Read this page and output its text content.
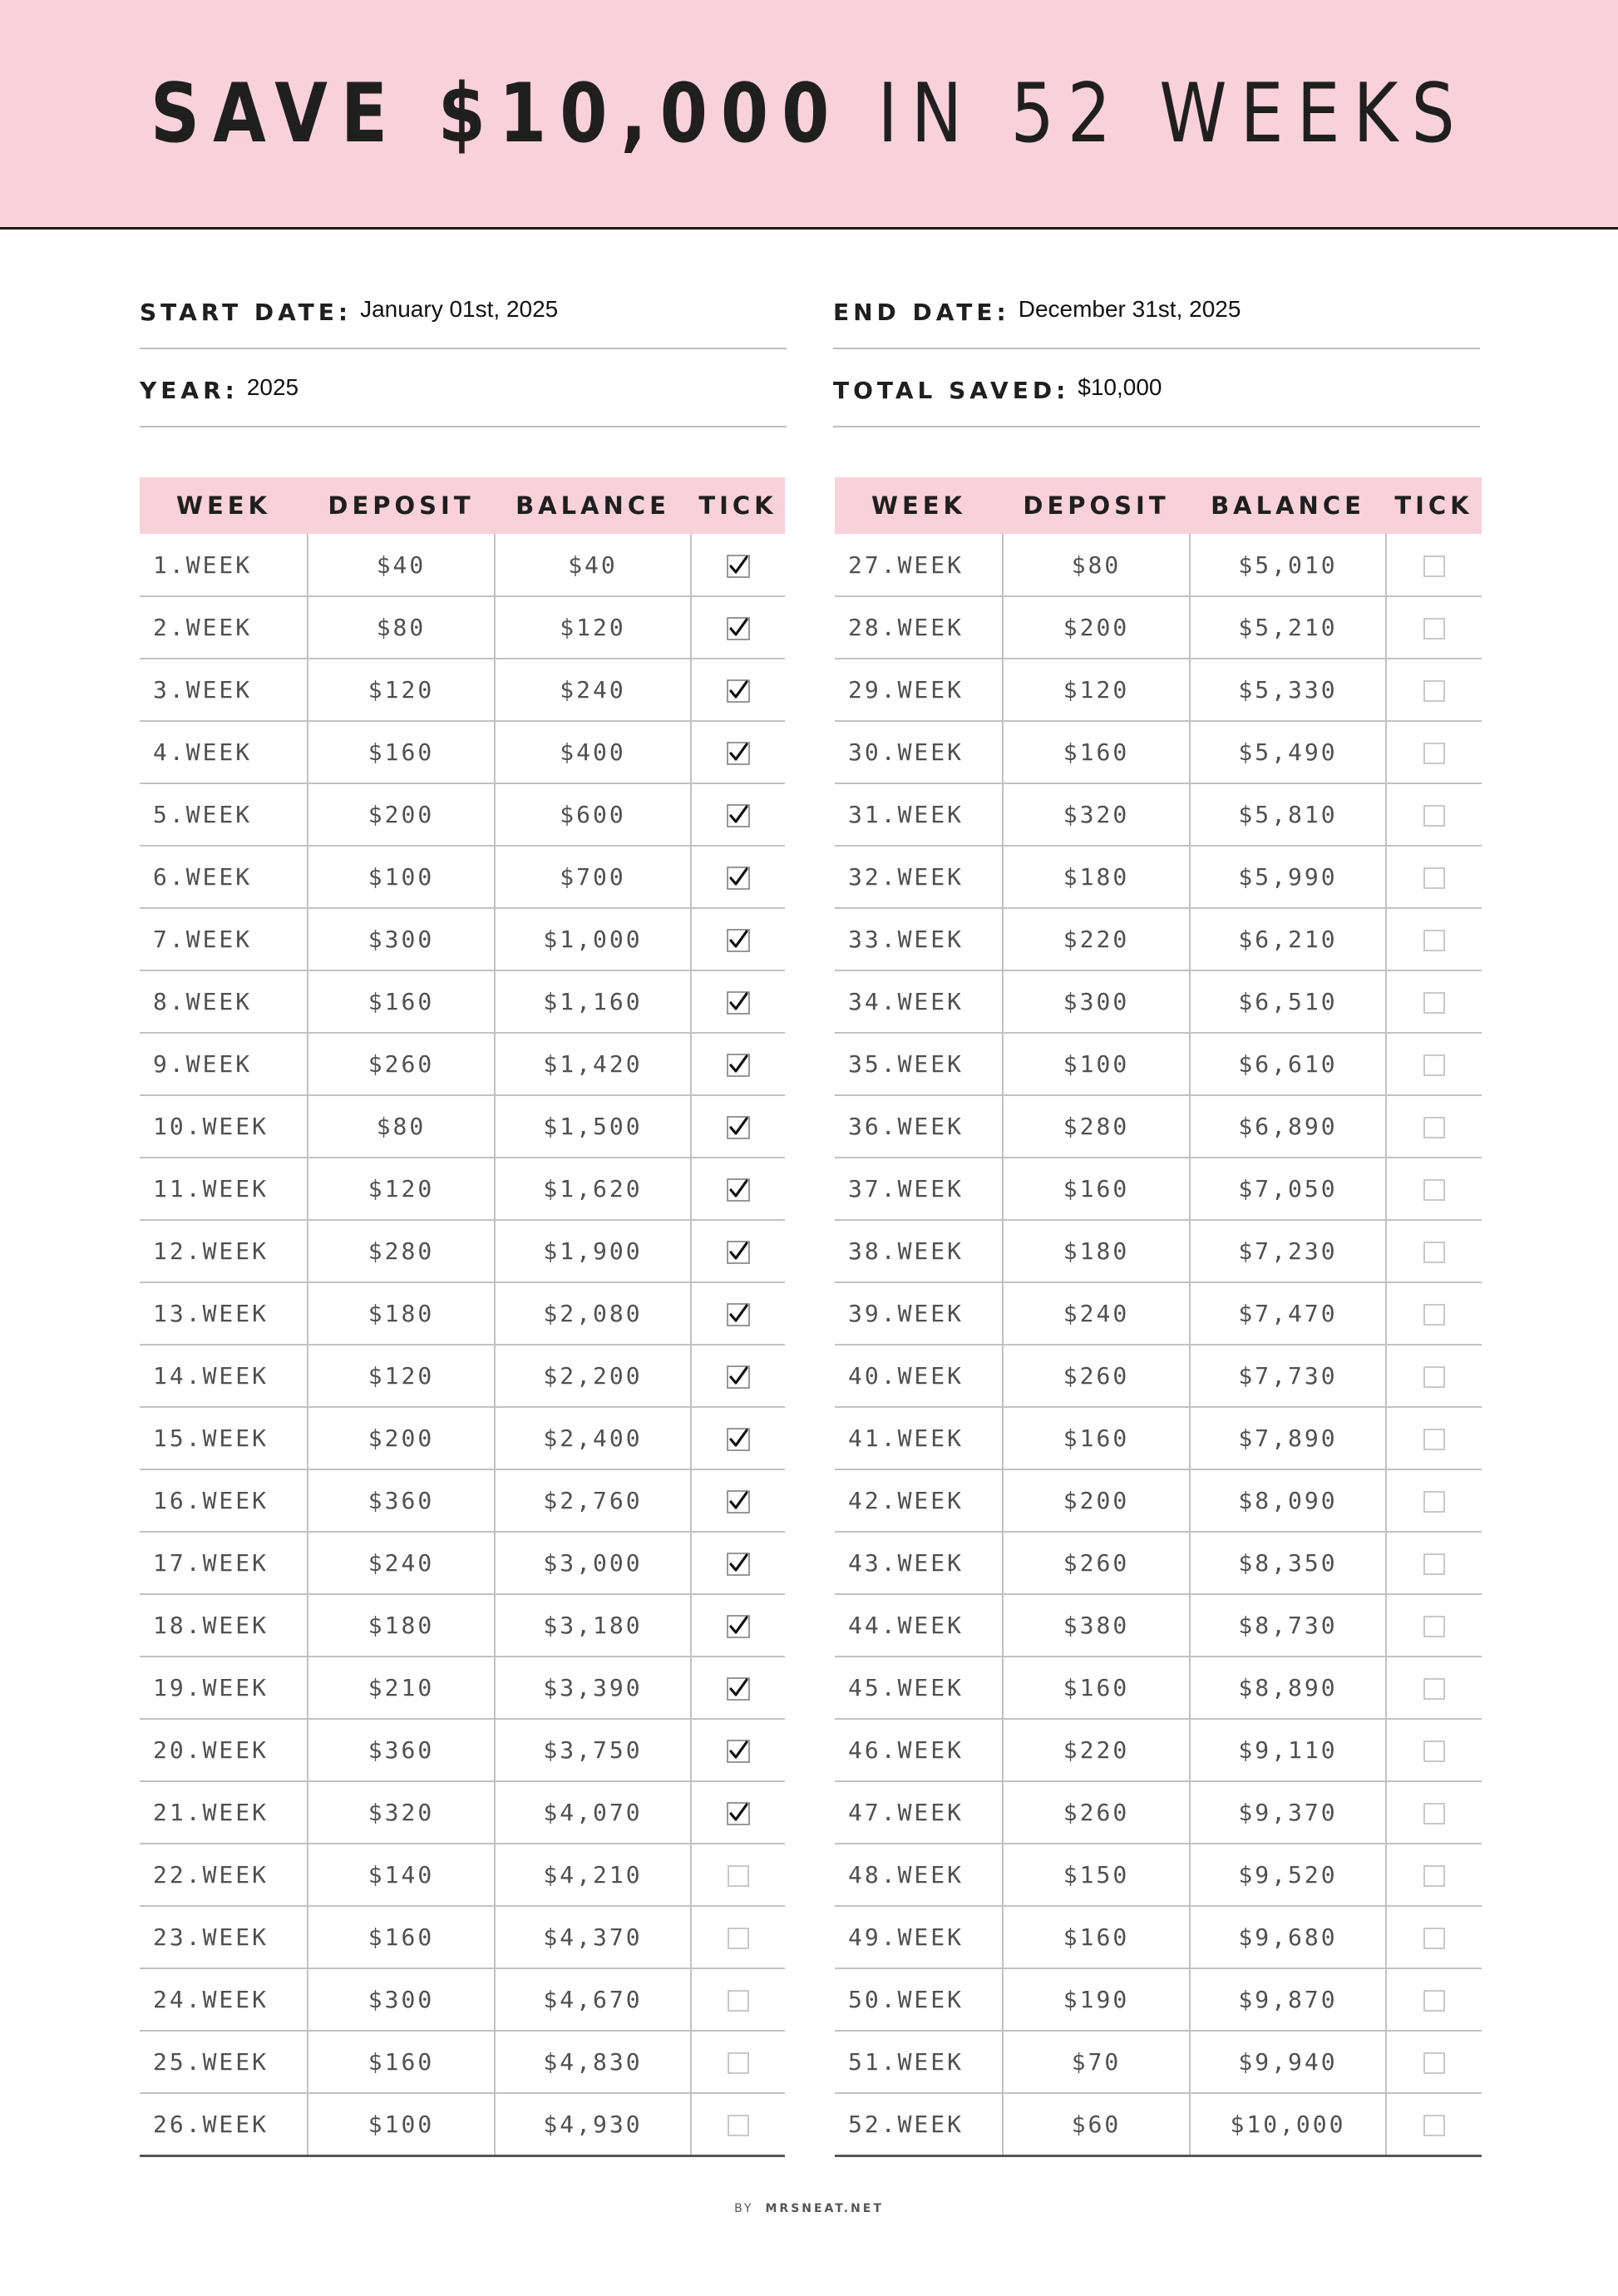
SAVE $10,000 IN 52 WEEKS
START DATE: January 01st, 2025	END DATE: December 31st, 2025
YEAR: 2025	TOTAL SAVED: $10,000
WEEK	DEPOSIT	BALANCE	TICK
1.WEEK	$40	$40	

2.WEEK	$80	$120	

3.WEEK	$120	$240	

4.WEEK	$160	$400	

5.WEEK	$200	$600	

6.WEEK	$100	$700	

7.WEEK	$300	$1,000	

8.WEEK	$160	$1,160	

9.WEEK	$260	$1,420	

10.WEEK	$80	$1,500	

11.WEEK	$120	$1,620	

12.WEEK	$280	$1,900	

13.WEEK	$180	$2,080	

14.WEEK	$120	$2,200	

15.WEEK	$200	$2,400	

16.WEEK	$360	$2,760	

17.WEEK	$240	$3,000	

18.WEEK	$180	$3,180	

19.WEEK	$210	$3,390	

20.WEEK	$360	$3,750	

21.WEEK	$320	$4,070	

22.WEEK	$140	$4,210	
23.WEEK	$160	$4,370	
24.WEEK	$300	$4,670	
25.WEEK	$160	$4,830	
26.WEEK	$100	$4,930	
WEEK	DEPOSIT	BALANCE	TICK
27.WEEK	$80	$5,010	
28.WEEK	$200	$5,210	
29.WEEK	$120	$5,330	
30.WEEK	$160	$5,490	
31.WEEK	$320	$5,810	
32.WEEK	$180	$5,990	
33.WEEK	$220	$6,210	
34.WEEK	$300	$6,510	
35.WEEK	$100	$6,610	
36.WEEK	$280	$6,890	
37.WEEK	$160	$7,050	
38.WEEK	$180	$7,230	
39.WEEK	$240	$7,470	
40.WEEK	$260	$7,730	
41.WEEK	$160	$7,890	
42.WEEK	$200	$8,090	
43.WEEK	$260	$8,350	
44.WEEK	$380	$8,730	
45.WEEK	$160	$8,890	
46.WEEK	$220	$9,110	
47.WEEK	$260	$9,370	
48.WEEK	$150	$9,520	
49.WEEK	$160	$9,680	
50.WEEK	$190	$9,870	
51.WEEK	$70	$9,940	
52.WEEK	$60	$10,000	
BY MRSNEAT.NET
